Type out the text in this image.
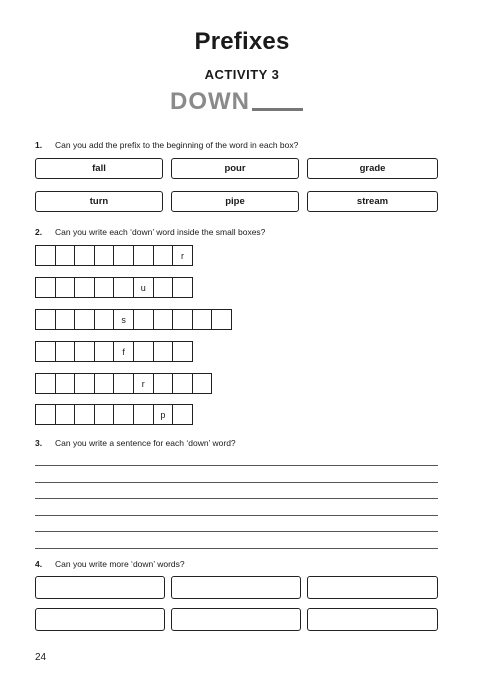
Prefixes
ACTIVITY 3
DOWN
1. Can you add the prefix to the beginning of the word in each box?
fall	pour	grade
turn	pipe	stream
2. Can you write each ‘down’ word inside the small boxes?
r
u
s
f
r
p
3. Can you write a sentence for each ‘down’ word?
4. Can you write more ‘down’ words?
24
